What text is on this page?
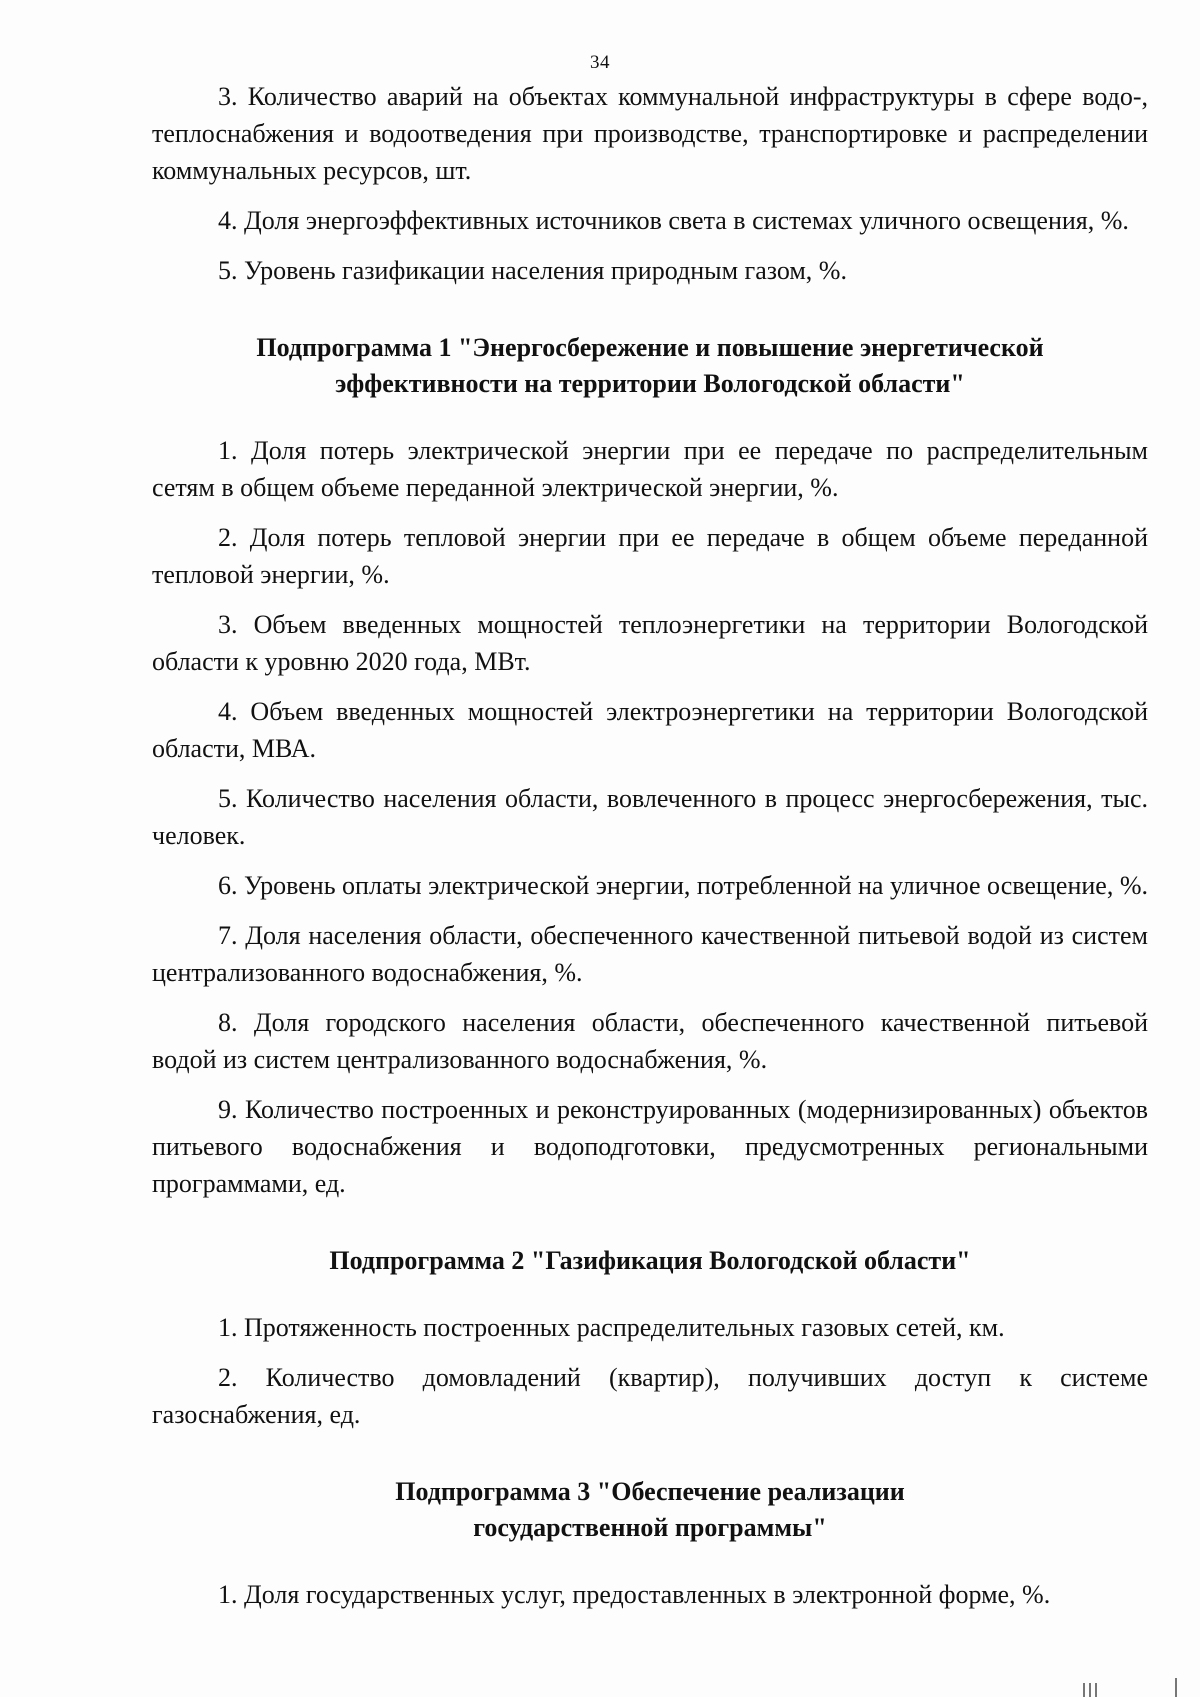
34

3. Количество аварий на объектах коммунальной инфраструктуры в сфере водо-, теплоснабжения и водоотведения при производстве, транспортировке и распределении коммунальных ресурсов, шт.

4. Доля энергоэффективных источников света в системах уличного освещения, %.

5. Уровень газификации населения природным газом, %.

Подпрограмма 1 "Энергосбережение и повышение энергетической
эффективности на территории Вологодской области"

1. Доля потерь электрической энергии при ее передаче по распределительным сетям в общем объеме переданной электрической энергии, %.

2. Доля потерь тепловой энергии при ее передаче в общем объеме переданной тепловой энергии, %.

3. Объем введенных мощностей теплоэнергетики на территории Вологодской области к уровню 2020 года, МВт.

4. Объем введенных мощностей электроэнергетики на территории Вологодской области, МВА.

5. Количество населения области, вовлеченного в процесс энергосбережения, тыс. человек.

6. Уровень оплаты электрической энергии, потребленной на уличное освещение, %.

7. Доля населения области, обеспеченного качественной питьевой водой из систем централизованного водоснабжения, %.

8. Доля городского населения области, обеспеченного качественной питьевой водой из систем централизованного водоснабжения, %.

9. Количество построенных и реконструированных (модернизированных) объектов питьевого водоснабжения и водоподготовки, предусмотренных региональными программами, ед.

Подпрограмма 2 "Газификация Вологодской области"

1. Протяженность построенных распределительных газовых сетей, км.

2. Количество домовладений (квартир), получивших доступ к системе газоснабжения, ед.

Подпрограмма 3 "Обеспечение реализации
государственной программы"

1. Доля государственных услуг, предоставленных в электронной форме, %.
